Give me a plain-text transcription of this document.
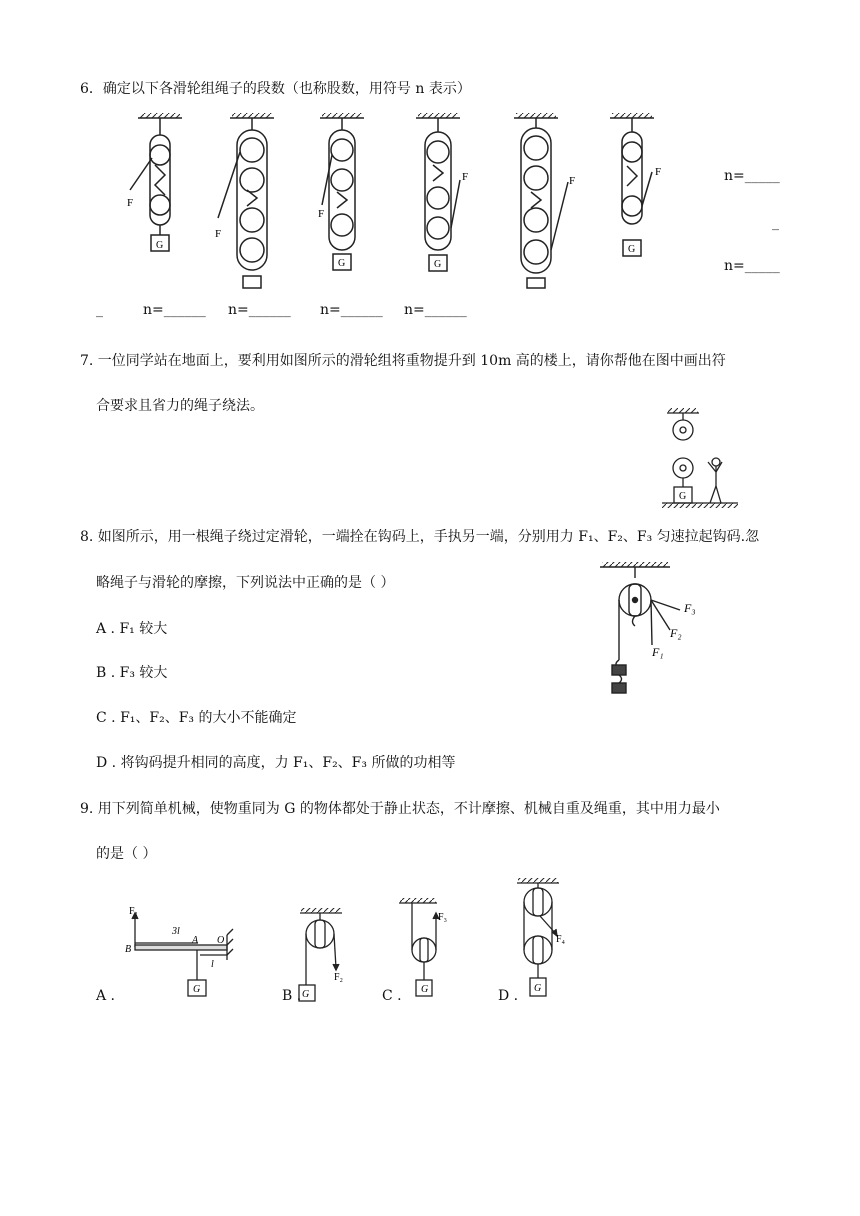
6．确定以下各滑轮组绳子的段数（也称股数，用符号 n 表示）
F
G
F
F
G
F
G
F
F
G
n=_____
_
n=_____
_	n=______ n=______ n=______ n=______
7. 一位同学站在地面上，要利用如图所示的滑轮组将重物提升到 10m 高的楼上，请你帮他在图中画出符
合要求且省力的绳子绕法。
G
8. 如图所示，用一根绳子绕过定滑轮，一端拴在钩码上，手执另一端，分别用力 F₁、F₂、F₃ 匀速拉起钩码.忽
略绳子与滑轮的摩擦，下列说法中正确的是（ ）
A . F₁ 较大
B . F₃ 较大
C . F₁、F₂、F₃ 的大小不能确定
D . 将钩码提升相同的高度，力 F₁、F₂、F₃ 所做的功相等
F₁
F₂
F₃
9. 用下列简单机械，使物重同为 G 的物体都处于静止状态，不计摩擦、机械自重及绳重，其中用力最小
的是（ ）
F₁
3l
B
A O
l
G
F₂
G
F₃
G
F₄
G
A .	B .	C .	D .
